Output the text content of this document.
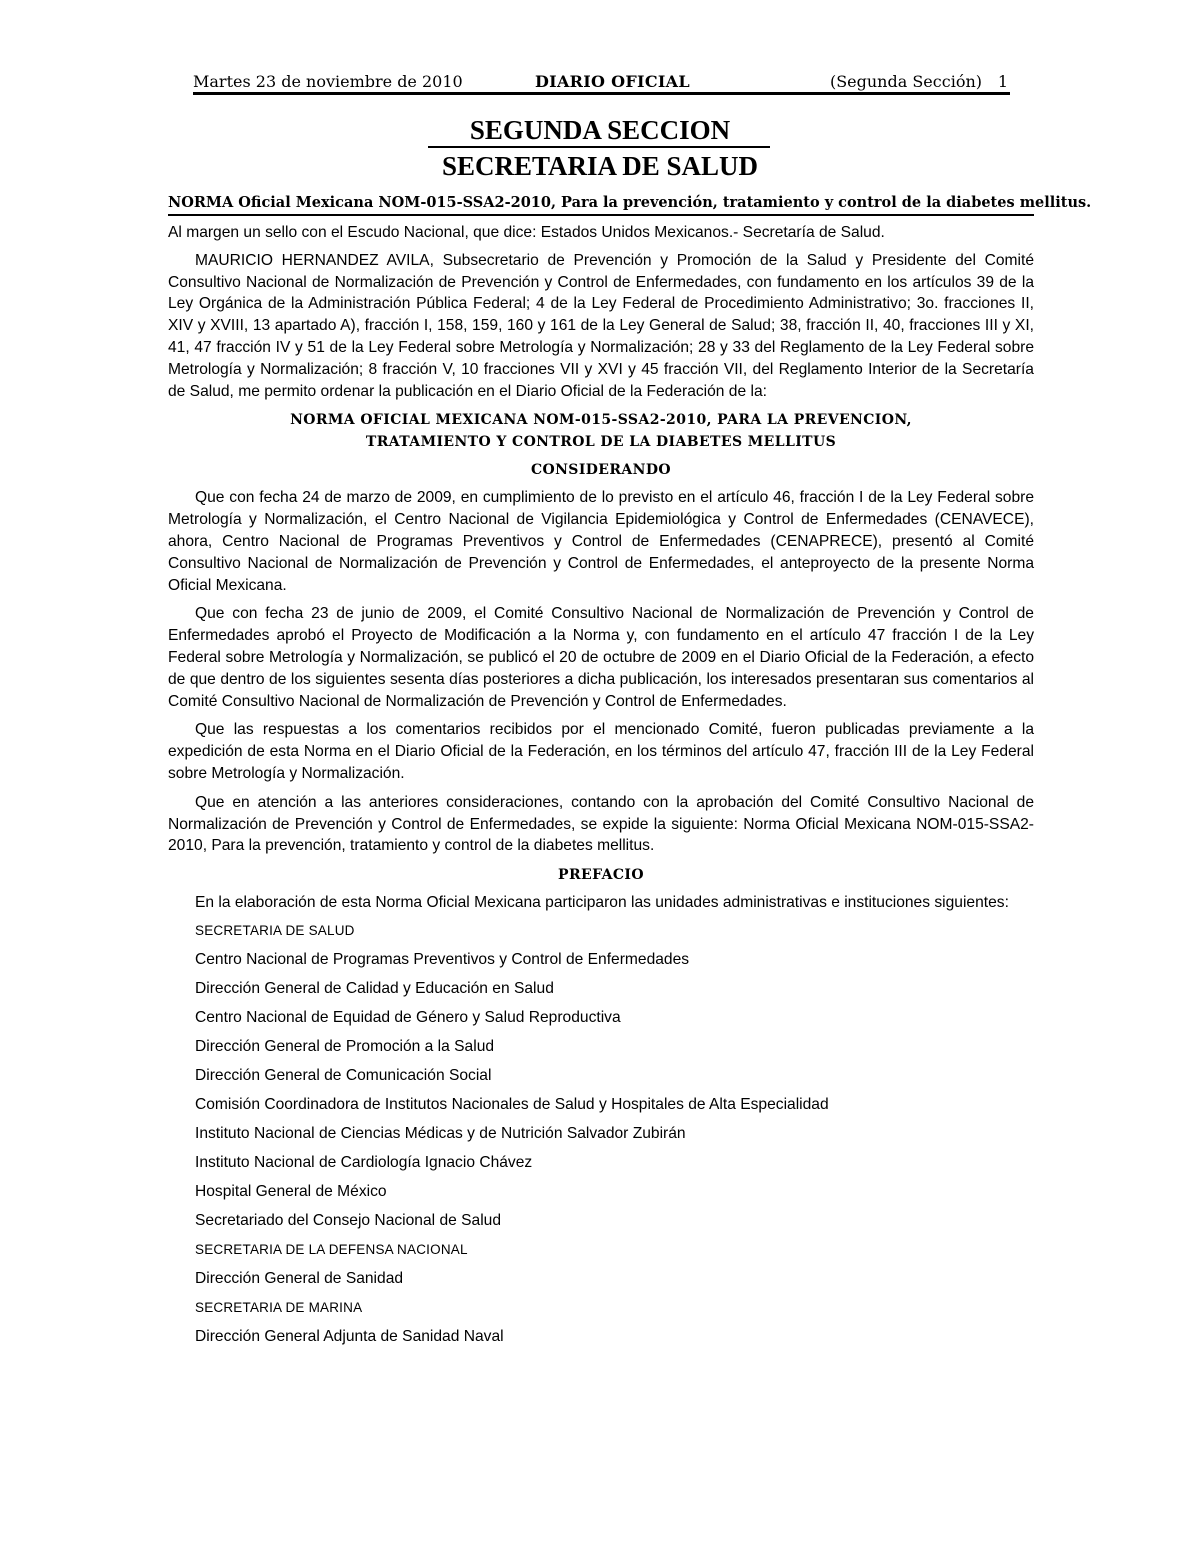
Martes 23 de noviembre de 2010	DIARIO OFICIAL	(Segunda Sección) 1
SEGUNDA SECCION
SECRETARIA DE SALUD
NORMA Oficial Mexicana NOM-015-SSA2-2010, Para la prevención, tratamiento y control de la diabetes mellitus.

Al margen un sello con el Escudo Nacional, que dice: Estados Unidos Mexicanos.- Secretaría de Salud.

MAURICIO HERNANDEZ AVILA, Subsecretario de Prevención y Promoción de la Salud y Presidente del Comité Consultivo Nacional de Normalización de Prevención y Control de Enfermedades, con fundamento en los artículos 39 de la Ley Orgánica de la Administración Pública Federal; 4 de la Ley Federal de Procedimiento Administrativo; 3o. fracciones II, XIV y XVIII, 13 apartado A), fracción I, 158, 159, 160 y 161 de la Ley General de Salud; 38, fracción II, 40, fracciones III y XI, 41, 47 fracción IV y 51 de la Ley Federal sobre Metrología y Normalización; 28 y 33 del Reglamento de la Ley Federal sobre Metrología y Normalización; 8 fracción V, 10 fracciones VII y XVI y 45 fracción VII, del Reglamento Interior de la Secretaría de Salud, me permito ordenar la publicación en el Diario Oficial de la Federación de la:

NORMA OFICIAL MEXICANA NOM-015-SSA2-2010, PARA LA PREVENCION,
TRATAMIENTO Y CONTROL DE LA DIABETES MELLITUS
CONSIDERANDO

Que con fecha 24 de marzo de 2009, en cumplimiento de lo previsto en el artículo 46, fracción I de la Ley Federal sobre Metrología y Normalización, el Centro Nacional de Vigilancia Epidemiológica y Control de Enfermedades (CENAVECE), ahora, Centro Nacional de Programas Preventivos y Control de Enfermedades (CENAPRECE), presentó al Comité Consultivo Nacional de Normalización de Prevención y Control de Enfermedades, el anteproyecto de la presente Norma Oficial Mexicana.

Que con fecha 23 de junio de 2009, el Comité Consultivo Nacional de Normalización de Prevención y Control de Enfermedades aprobó el Proyecto de Modificación a la Norma y, con fundamento en el artículo 47 fracción I de la Ley Federal sobre Metrología y Normalización, se publicó el 20 de octubre de 2009 en el Diario Oficial de la Federación, a efecto de que dentro de los siguientes sesenta días posteriores a dicha publicación, los interesados presentaran sus comentarios al Comité Consultivo Nacional de Normalización de Prevención y Control de Enfermedades.

Que las respuestas a los comentarios recibidos por el mencionado Comité, fueron publicadas previamente a la expedición de esta Norma en el Diario Oficial de la Federación, en los términos del artículo 47, fracción III de la Ley Federal sobre Metrología y Normalización.

Que en atención a las anteriores consideraciones, contando con la aprobación del Comité Consultivo Nacional de Normalización de Prevención y Control de Enfermedades, se expide la siguiente: Norma Oficial Mexicana NOM-015-SSA2-2010, Para la prevención, tratamiento y control de la diabetes mellitus.

PREFACIO

En la elaboración de esta Norma Oficial Mexicana participaron las unidades administrativas e instituciones siguientes:

SECRETARIA DE SALUD
Centro Nacional de Programas Preventivos y Control de Enfermedades
Dirección General de Calidad y Educación en Salud
Centro Nacional de Equidad de Género y Salud Reproductiva
Dirección General de Promoción a la Salud
Dirección General de Comunicación Social
Comisión Coordinadora de Institutos Nacionales de Salud y Hospitales de Alta Especialidad
Instituto Nacional de Ciencias Médicas y de Nutrición Salvador Zubirán
Instituto Nacional de Cardiología Ignacio Chávez
Hospital General de México
Secretariado del Consejo Nacional de Salud
SECRETARIA DE LA DEFENSA NACIONAL
Dirección General de Sanidad
SECRETARIA DE MARINA
Dirección General Adjunta de Sanidad Naval
